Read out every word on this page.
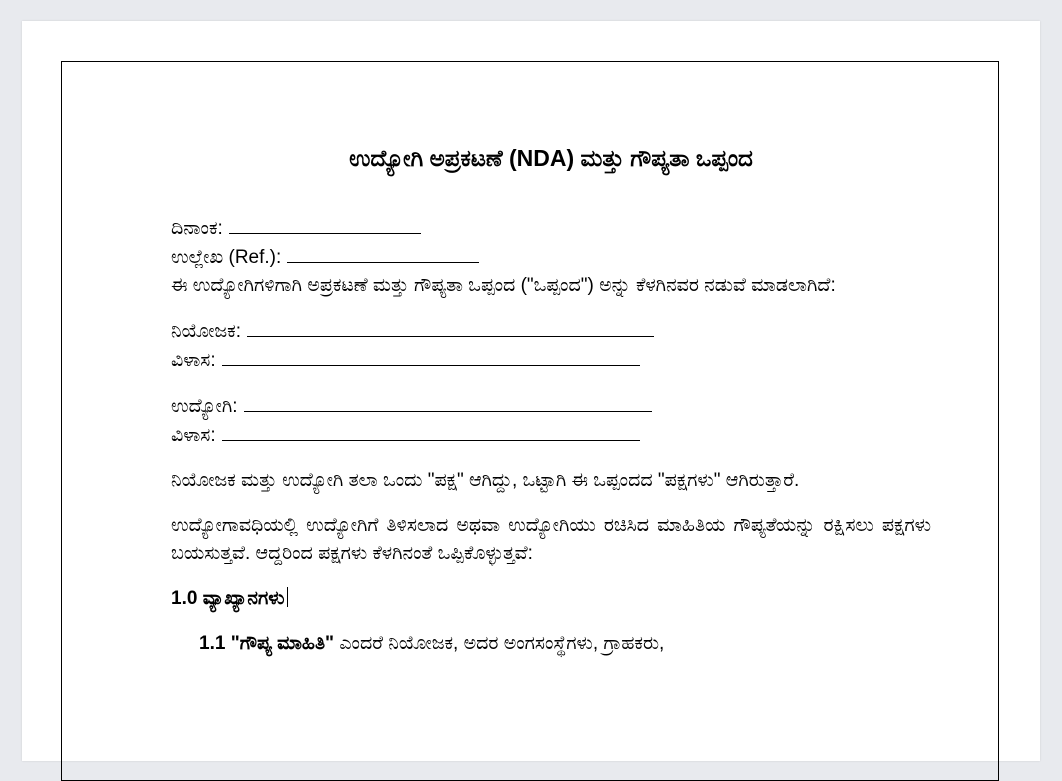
ಉದ್ಯೋಗಿ ಅಪ್ರಕಟಣೆ (NDA) ಮತ್ತು ಗೌಪ್ಯತಾ ಒಪ್ಪಂದ
ದಿನಾಂಕ:
ಉಲ್ಲೇಖ (Ref.):
ಈ ಉದ್ಯೋಗಿಗಳಿಗಾಗಿ ಅಪ್ರಕಟಣೆ ಮತ್ತು ಗೌಪ್ಯತಾ ಒಪ್ಪಂದ ("ಒಪ್ಪಂದ") ಅನ್ನು ಕೆಳಗಿನವರ ನಡುವೆ ಮಾಡಲಾಗಿದೆ:
ನಿಯೋಜಕ:
ವಿಳಾಸ:
ಉದ್ಯೋಗಿ:
ವಿಳಾಸ:
ನಿಯೋಜಕ ಮತ್ತು ಉದ್ಯೋಗಿ ತಲಾ ಒಂದು "ಪಕ್ಷ" ಆಗಿದ್ದು, ಒಟ್ಟಾಗಿ ಈ ಒಪ್ಪಂದದ "ಪಕ್ಷಗಳು" ಆಗಿರುತ್ತಾರೆ.
ಉದ್ಯೋಗಾವಧಿಯಲ್ಲಿ ಉದ್ಯೋಗಿಗೆ ತಿಳಿಸಲಾದ ಅಥವಾ ಉದ್ಯೋಗಿಯು ರಚಿಸಿದ ಮಾಹಿತಿಯ ಗೌಪ್ಯತೆಯನ್ನು ರಕ್ಷಿಸಲು ಪಕ್ಷಗಳು ಬಯಸುತ್ತವೆ. ಆದ್ದರಿಂದ ಪಕ್ಷಗಳು ಕೆಳಗಿನಂತೆ ಒಪ್ಪಿಕೊಳ್ಳುತ್ತವೆ:
1.0 ವ್ಯಾಖ್ಯಾನಗಳು
1.1 "ಗೌಪ್ಯ ಮಾಹಿತಿ" ಎಂದರೆ ನಿಯೋಜಕ, ಅದರ ಅಂಗಸಂಸ್ಥೆಗಳು, ಗ್ರಾಹಕರು,
